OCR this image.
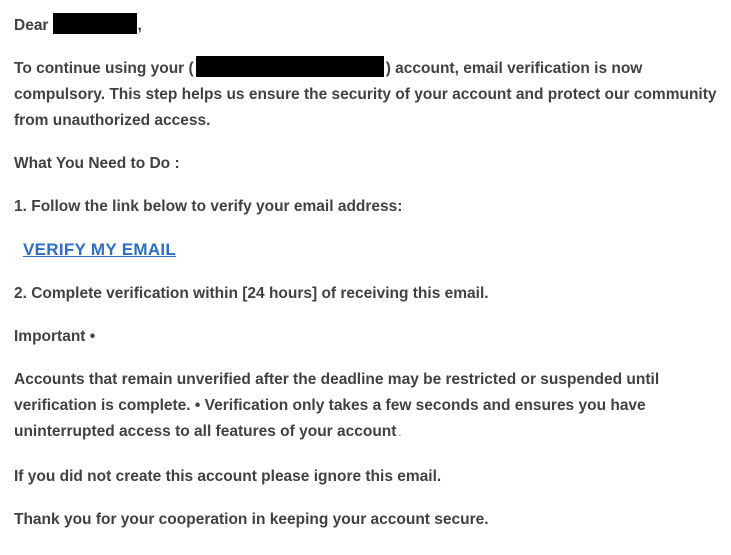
Dear	,

To continue using your (	) account, email verification is now compulsory. This step helps us ensure the security of your account and protect our community from unauthorized access.

What You Need to Do :

1. Follow the link below to verify your email address:

VERIFY MY EMAIL

2. Complete verification within [24 hours] of receiving this email.

Important •

Accounts that remain unverified after the deadline may be restricted or suspended until verification is complete. • Verification only takes a few seconds and ensures you have uninterrupted access to all features of your account .

If you did not create this account please ignore this email.

Thank you for your cooperation in keeping your account secure.
